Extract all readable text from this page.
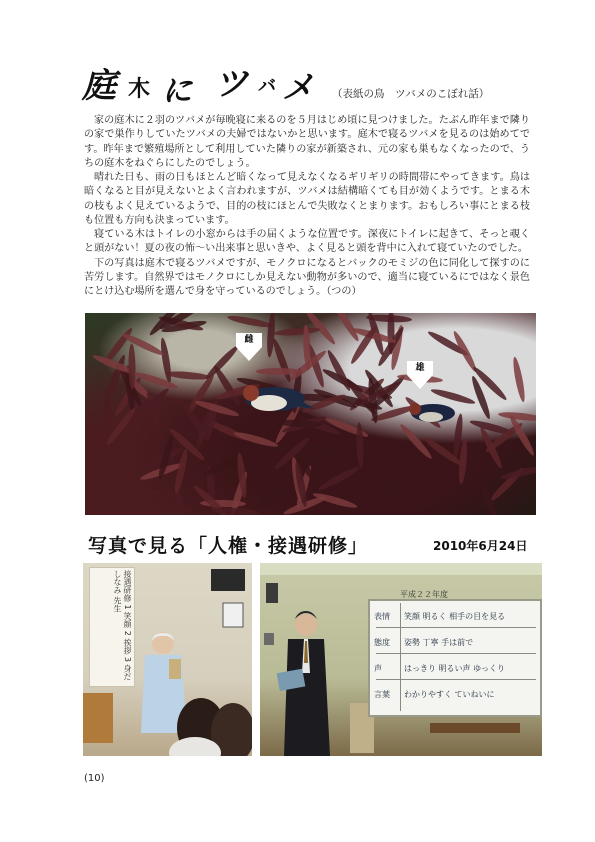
庭 木 に ツ バ メ （表紙の鳥　ツバメのこぼれ話）

家の庭木に２羽のツバメが毎晩寝に来るのを５月はじめ頃に見つけました。たぶん昨年まで隣りの家で巣作りしていたツバメの夫婦ではないかと思います。庭木で寝るツバメを見るのは始めてです。昨年まで繁殖場所として利用していた隣りの家が新築され、元の家も巣もなくなったので、うちの庭木をねぐらにしたのでしょう。

晴れた日も、雨の日もほとんど暗くなって見えなくなるギリギリの時間帯にやってきます。鳥は暗くなると目が見えないとよく言われますが、ツバメは結構暗くても目が効くようです。とまる木の枝もよく見えているようで、目的の枝にほとんで失敗なくとまります。おもしろい事にとまる枝も位置も方向も決まっています。

寝ている木はトイレの小窓からは手の届くような位置です。深夜にトイレに起きて、そっと覗くと頭がない！夏の夜の怖〜い出来事と思いきや、よく見ると頭を背中に入れて寝ていたのでした。

下の写真は庭木で寝るツバメですが、モノクロになるとバックのモミジの色に同化して探すのに苦労します。自然界ではモノクロにしか見えない動物が多いので、適当に寝ているにではなく景色にとけ込む場所を選んで身を守っているのでしょう。（つの）

雌
雄
写真で見る「人権・接遇研修」	2010年6月24日
接遇研修 1 笑顔 2 挨拶 3 身だしなみ 先生	平成２２年度
表情 笑顔 明るく 相手の目を見る
態度 姿勢 丁寧 手は前で
声	はっきり 明るい声 ゆっくり
言葉 わかりやすく ていねいに
(10)
